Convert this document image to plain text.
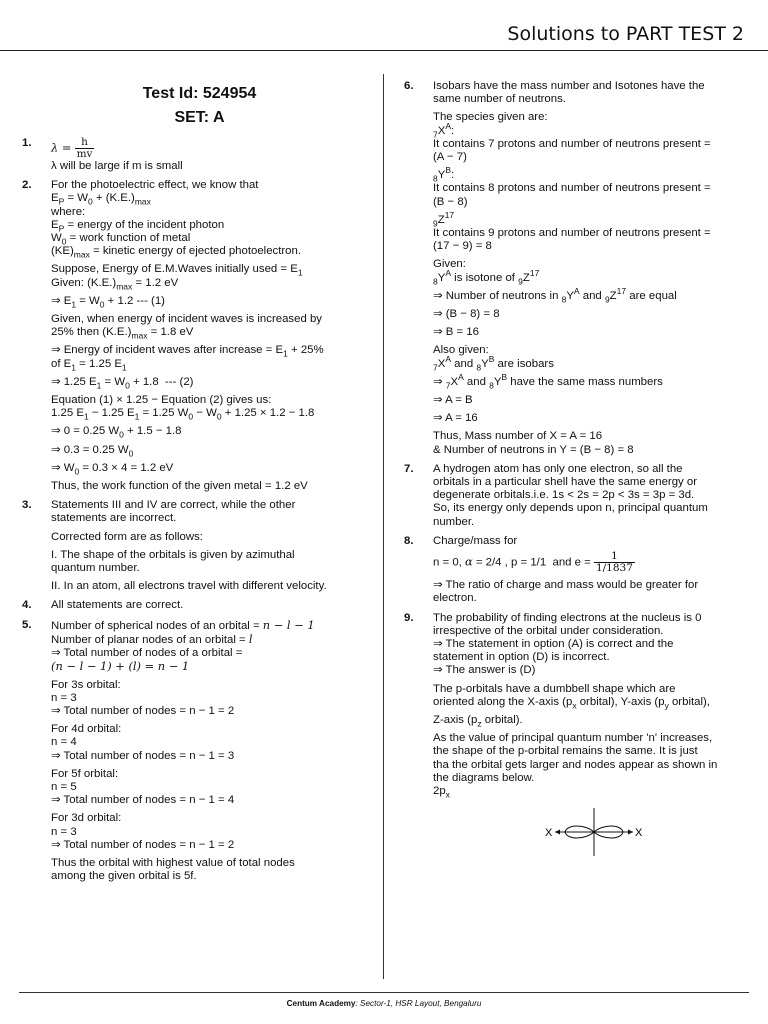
Solutions to PART TEST 2
Test Id: 524954
SET: A
1.	$\lambda = \frac{h}{mv}$
λ will be large if m is small
2.	For the photoelectric effect, we know that
$E_P = W_0 + (K.E.)_{max}$
where:
$E_P$ = energy of the incident photon
$W_0$ = work function of metal
$(KE)_{max}$ = kinetic energy of ejected photoelectron.
Suppose, Energy of E.M.Waves initially used = $E_1$
Given: $(K.E.)_{max} = 1.2$ eV
⇒ $E_1 = W_0 + 1.2$ --- (1)
Given, when energy of incident waves is increased by
25% then $(K.E.)_{max} = 1.8$ eV
⇒ Energy of incident waves after increase = $E_1 + 25\%$
of $E_1 = 1.25$ $E_1$
⇒ 1.25 $E_1 = W_0 + 1.8$  --- (2)
Equation (1) × 1.25 − Equation (2) gives us:
1.25 $E_1 - 1.25$ $E_1 = 1.25$ $W_0 - W_0 + 1.25 \times 1.2 - 1.8$
⇒ 0 = 0.25 $W_0 + 1.5 - 1.8$
⇒ 0.3 = 0.25 $W_0$
⇒ $W_0 = 0.3 \times 4 = 1.2$ eV
Thus, the work function of the given metal = 1.2 eV
3.	Statements III and IV are correct, while the other
statements are incorrect.
Corrected form are as follows:
I. The shape of the orbitals is given by azimuthal
quantum number.
II. In an atom, all electrons travel with different velocity.
4.	All statements are correct.
5.	Number of spherical nodes of an orbital = n − l − 1
Number of planar nodes of an orbital = l
⇒ Total number of nodes of a orbital =
(n − l − 1) + (l) = n − 1
For 3s orbital:
n = 3
⇒ Total number of nodes = n − 1 = 2
For 4d orbital:
n = 4
⇒ Total number of nodes = n − 1 = 3
For 5f orbital:
n = 5
⇒ Total number of nodes = n − 1 = 4
For 3d orbital:
n = 3
⇒ Total number of nodes = n − 1 = 2
Thus the orbital with highest value of total nodes
among the given orbital is 5f.
6.	Isobars have the mass number and Isotones have the
same number of neutrons.
The species given are:
$_7X^A$:
It contains 7 protons and number of neutrons present =
(A − 7)
$_8Y^B$:
It contains 8 protons and number of neutrons present =
(B − 8)
$_9Z^{17}$
It contains 9 protons and number of neutrons present =
(17 − 9) = 8
Given:
$_8Y^A$ is isotone of $_9Z^{17}$
⇒ Number of neutrons in $_8Y^A$ and $_9Z^{17}$ are equal
⇒ (B − 8) = 8
⇒ B = 16
Also given:
$_7X^A$ and $_8Y^B$ are isobars
⇒ $_7X^A$ and $_8Y^B$ have the same mass numbers
⇒ A = B
⇒ A = 16
Thus, Mass number of X = A = 16
& Number of neutrons in Y = (B − 8) = 8
7.	A hydrogen atom has only one electron, so all the
orbitals in a particular shell have the same energy or
degenerate orbitals.i.e. 1s < 2s = 2p < 3s = 3p = 3d.
So, its energy only depends upon n, principal quantum
number.
8.	Charge/mass for
n = 0, α = 2/4 , p = 1/1  and $e = \frac{1}{1/1837}$
⇒ The ratio of charge and mass would be greater for
electron.
9.	The probability of finding electrons at the nucleus is 0
irrespective of the orbital under consideration.
⇒ The statement in option (A) is correct and the
statement in option (D) is incorrect.
⇒ The answer is (D)
The p-orbitals have a dumbbell shape which are
oriented along the X-axis ($p_x$ orbital), Y-axis ($p_y$ orbital),
Z-axis ($p_z$ orbital).
As the value of principal quantum number 'n' increases,
the shape of the p-orbital remains the same. It is just
tha the orbital gets larger and nodes appear as shown in
the diagrams below.
$2p_x$
X	X
Centum Academy: Sector-1, HSR Layout, Bengaluru
